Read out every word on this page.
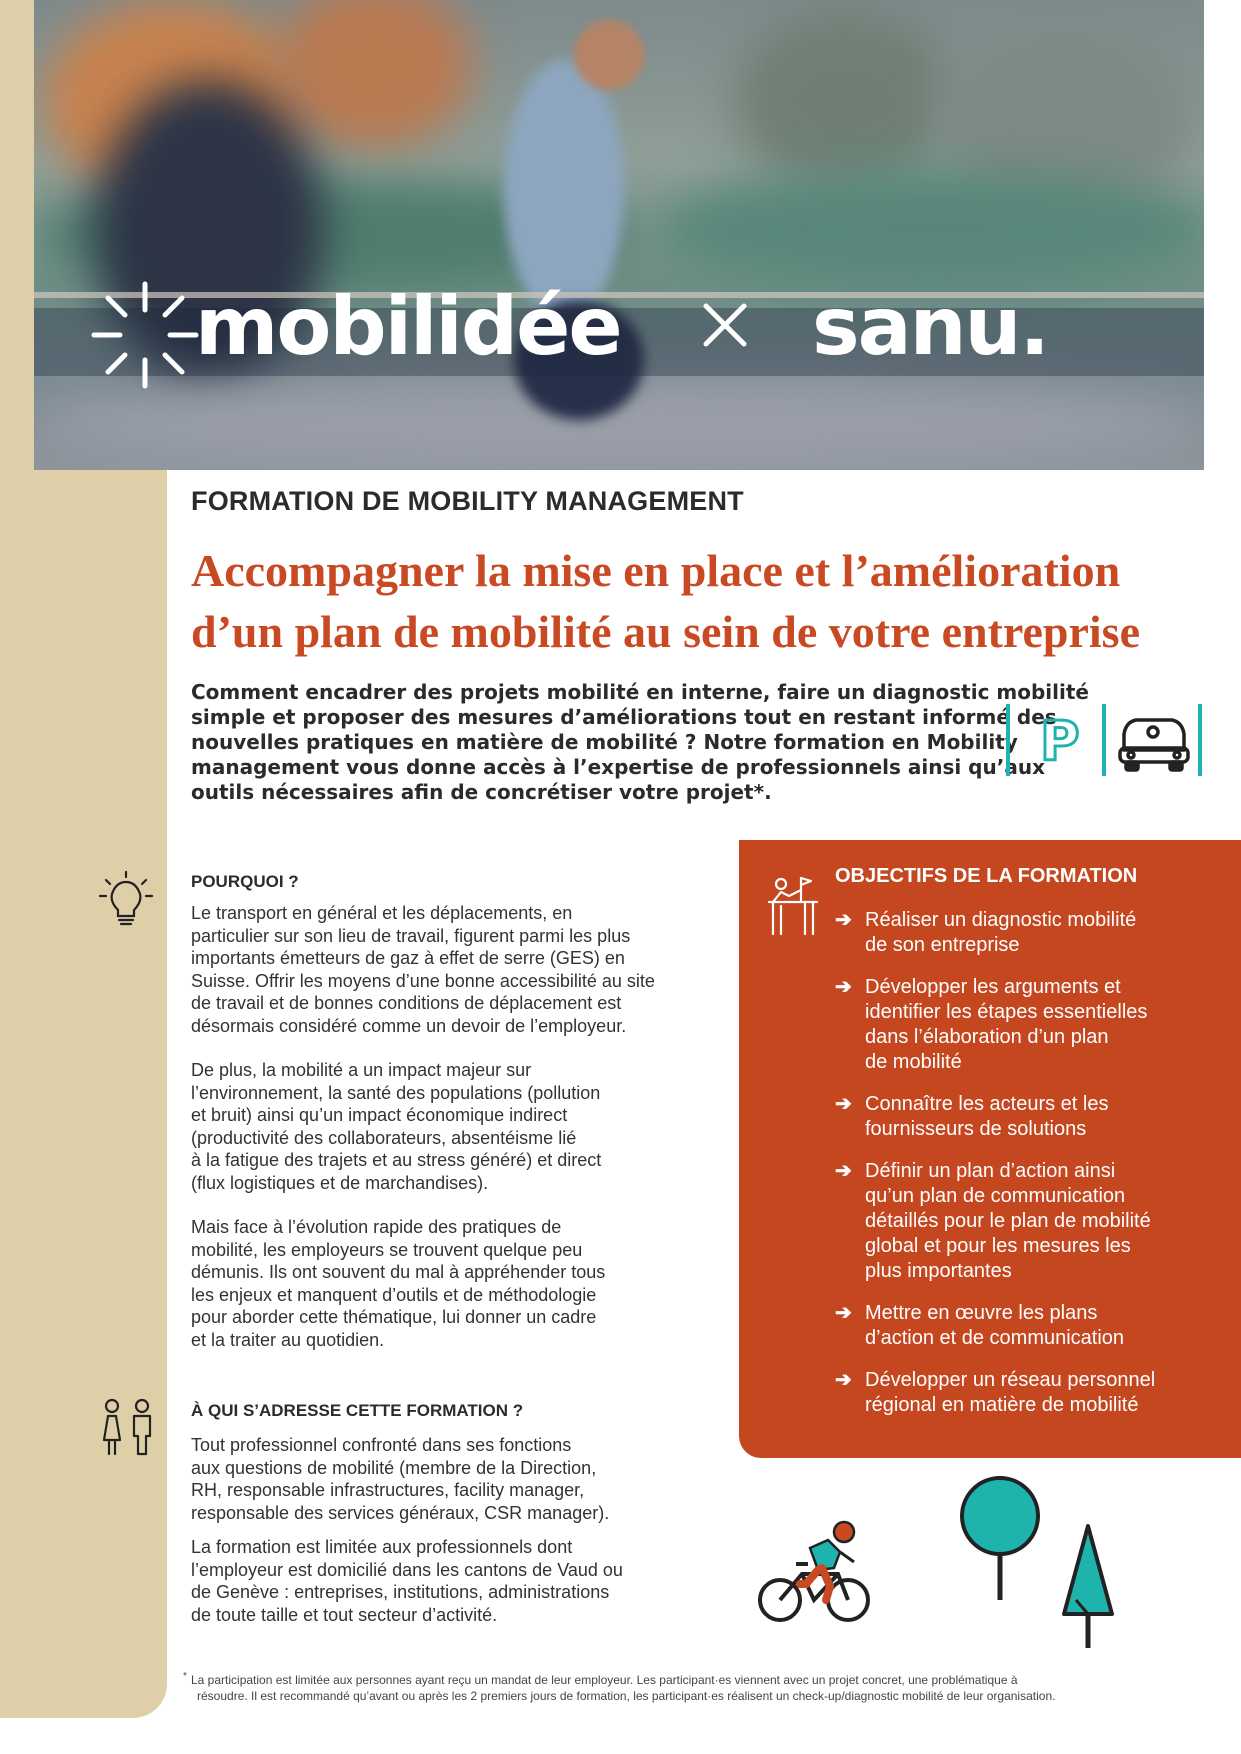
mobilidée sanu.
FORMATION DE MOBILITY MANAGEMENT
Accompagner la mise en place et l’amélioration
d’un plan de mobilité au sein de votre entreprise

Comment encadrer des projets mobilité en interne, faire un diagnostic mobilité

simple et proposer des mesures d’améliorations tout en restant informé des

nouvelles pratiques en matière de mobilité ? Notre formation en Mobility

management vous donne accès à l’expertise de professionnels ainsi qu’aux

outils nécessaires afin de concrétiser votre projet*.

P
POURQUOI ?

Le transport en général et les déplacements, en

particulier sur son lieu de travail, figurent parmi les plus

importants émetteurs de gaz à effet de serre (GES) en

Suisse. Offrir les moyens d’une bonne accessibilité au site

de travail et de bonnes conditions de déplacement est

désormais considéré comme un devoir de l’employeur.

De plus, la mobilité a un impact majeur sur

l’environnement, la santé des populations (pollution

et bruit) ainsi qu’un impact économique indirect

(productivité des collaborateurs, absentéisme lié

à la fatigue des trajets et au stress généré) et direct

(flux logistiques et de marchandises).

Mais face à l’évolution rapide des pratiques de

mobilité, les employeurs se trouvent quelque peu

démunis. Ils ont souvent du mal à appréhender tous

les enjeux et manquent d’outils et de méthodologie

pour aborder cette thématique, lui donner un cadre

et la traiter au quotidien.

À QUI S’ADRESSE CETTE FORMATION ?

Tout professionnel confronté dans ses fonctions

aux questions de mobilité (membre de la Direction,

RH, responsable infrastructures, facility manager,

responsable des services généraux, CSR manager).

La formation est limitée aux professionnels dont

l’employeur est domicilié dans les cantons de Vaud ou

de Genève : entreprises, institutions, administrations

de toute taille et tout secteur d’activité.

OBJECTIFS DE LA FORMATION
➔ Réaliser un diagnostic mobilité
de son entreprise
➔ Développer les arguments et
identifier les étapes essentielles
dans l’élaboration d’un plan
de mobilité
➔ Connaître les acteurs et les
fournisseurs de solutions
➔ Définir un plan d’action ainsi
qu’un plan de communication
détaillés pour le plan de mobilité
global et pour les mesures les
plus importantes
➔ Mettre en œuvre les plans
d’action et de communication
➔ Développer un réseau personnel
régional en matière de mobilité
* La participation est limitée aux personnes ayant reçu un mandat de leur employeur. Les participant·es viennent avec un projet concret, une problématique à

résoudre. Il est recommandé qu’avant ou après les 2 premiers jours de formation, les participant·es réalisent un check-up/diagnostic mobilité de leur organisation.
